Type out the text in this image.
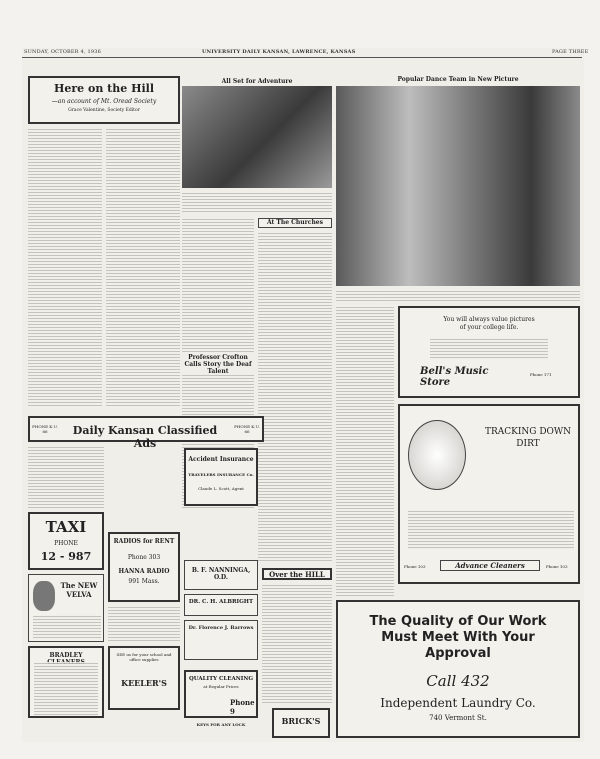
SUNDAY, OCTOBER 4, 1936	UNIVERSITY DAILY KANSAN, LAWRENCE, KANSAS	PAGE THREE
Here on the Hill
—an account of Mt. Oread Society
Grace Valentine, Society Editor
All Set for Adventure
Professor Crofton Calls Story the Deaf Talent
At The Churches
Popular Dance Team in New Picture
You will always value pictures
of your college life.
Bell's Music Store
Phone 171
TRACKING DOWN DIRT
Advance Cleaners
Phone 103	Phone 103
PHONE K.U. 66	Daily Kansan Classified Ads
PHONE K.U. 66
TAXI
PHONE
12 - 987
The NEW VELVA
BRADLEY
RADIOS for RENT
Phone 303
HANNA RADIO
991 Mass.
SEE us for your school and office supplies
KEELER'S
Accident Insurance
TRAVELERS INSURANCE Co.
Claude L. Scott, Agent
B. F. NANNINGA, O.D.
DR. C. H. ALBRIGHT
Dr. Florence J. Barrows
QUALITY CLEANING
at Regular Prices
Phone 9
Over the HILL
BRICK'S
KEYS FOR ANY LOCK
The Quality of Our Work
Must Meet With Your
Approval
Call 432
Independent Laundry Co.
740 Vermont St.
